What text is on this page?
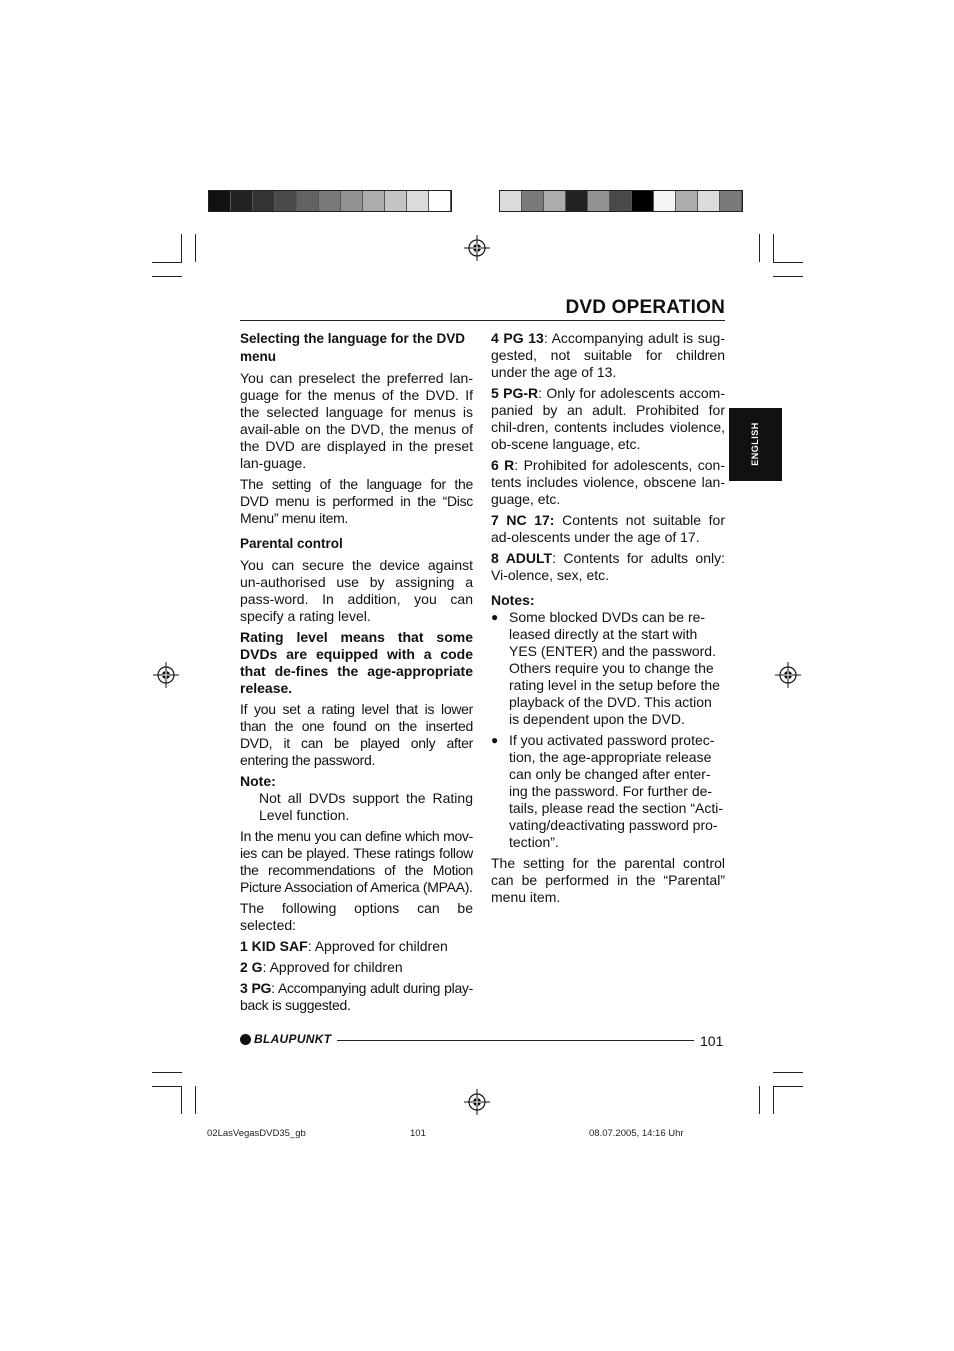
DVD OPERATION
ENGLISH
Selecting the language for the DVD menu

You can preselect the preferred lan-guage for the menus of the DVD. If the selected language for menus is avail-able on the DVD, the menus of the DVD are displayed in the preset lan-guage.

The setting of the language for the DVD menu is performed in the “Disc Menu” menu item.

Parental control

You can secure the device against un-authorised use by assigning a pass-word. In addition, you can specify a rating level.

Rating level means that some DVDs are equipped with a code that de-fines the age-appropriate release.

If you set a rating level that is lower than the one found on the inserted DVD, it can be played only after entering the password.

Note:

Not all DVDs support the Rating Level function.

In the menu you can define which mov-ies can be played. These ratings follow the recommendations of the Motion Picture Association of America (MPAA).

The following options can be selected:

1 KID SAF: Approved for children

2 G: Approved for children

3 PG: Accompanying adult during play-back is suggested.

4 PG 13: Accompanying adult is sug-gested, not suitable for children under the age of 13.

5 PG-R: Only for adolescents accom-panied by an adult. Prohibited for chil-dren, contents includes violence, ob-scene language, etc.

6 R: Prohibited for adolescents, con-tents includes violence, obscene lan-guage, etc.

7 NC 17: Contents not suitable for ad-olescents under the age of 17.

8 ADULT: Contents for adults only: Vi-olence, sex, etc.

Notes:

● Some blocked DVDs can be re-leased directly at the start with YES (ENTER) and the password. Others require you to change the rating level in the setup before the playback of the DVD. This action is dependent upon the DVD.
● If you activated password protec-tion, the age-appropriate release can only be changed after enter-ing the password. For further de-tails, please read the section “Acti-vating/deactivating password pro-tection”.

The setting for the parental control can be performed in the “Parental” menu item.

BLAUPUNKT	101
02LasVegasDVD35_gb	101	08.07.2005, 14:16 Uhr
